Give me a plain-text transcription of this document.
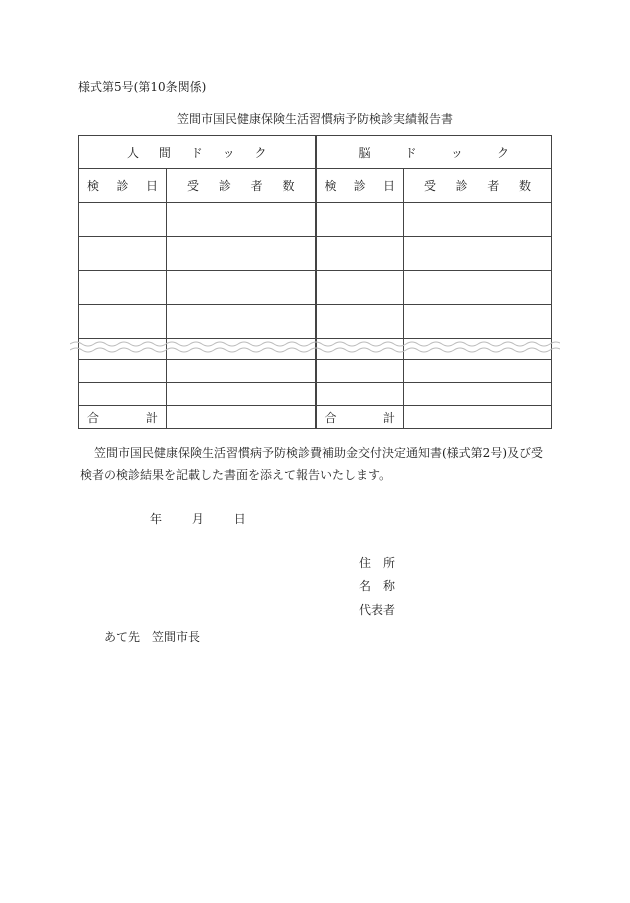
様式第5号(第10条関係)
笠間市国民健康保険生活習慣病予防検診実績報告書
人 間 ド ッ ク		脳 ド ッ ク	

検 診 日	受 診 者 数	検 診 日	受 診 者 数

合 計		合 計	

笠間市国民健康保険生活習慣病予防検診費補助金交付決定通知書(様式第2号)及び受
検者の検診結果を記載した書面を添えて報告いたします。
年 月 日
住 所
名 称
代表者
あて先　笠間市長
